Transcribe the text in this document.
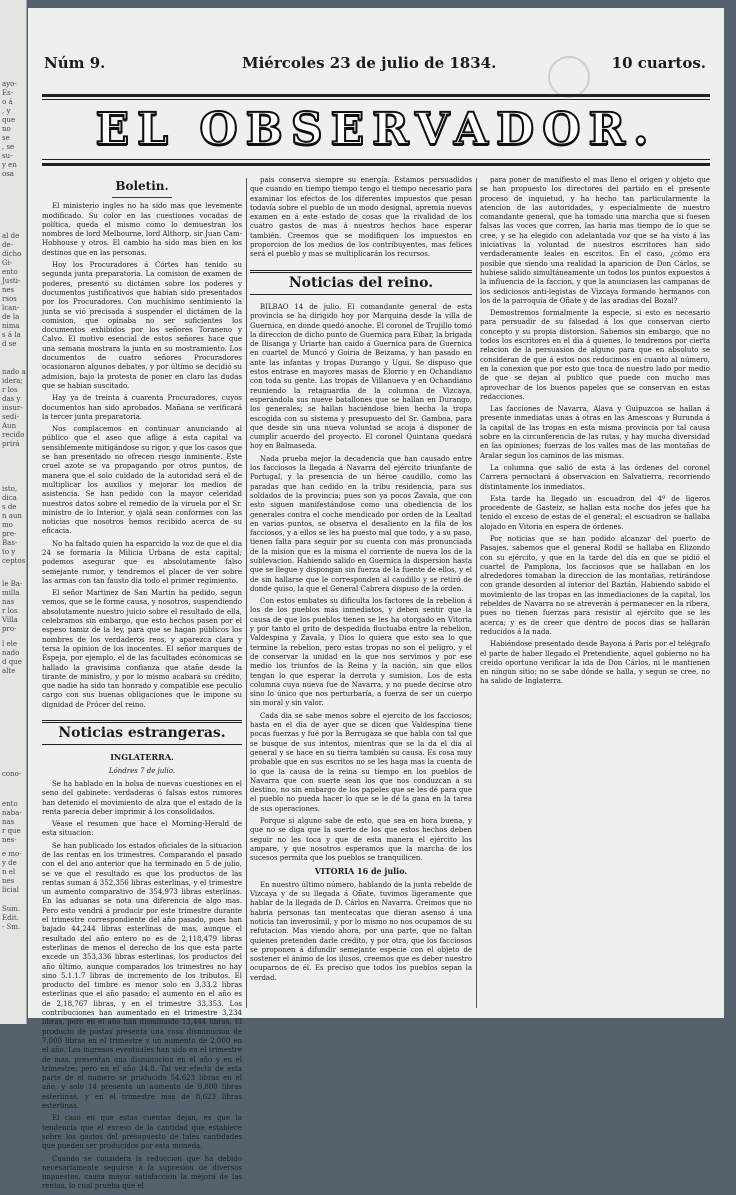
ayo-
Es-
o á
, y
que
no
se
, se
su-
y en
osa
al de
de-
dicho
Gi-
ento
Justi-
nes
rsos
lcan-
de la
nima
s á la
d se
nado a
idera;
r los
das y
insur-
sedi-
Aun
recido
prirá
isto,
dica
s de
n aun
mo
pre-
Bas-
to y
ceptos
le Ba-
milla
nas
r los
Villa
pro-
l ele
nado
d que
alte
cono-
ento
naba-
nas
r que
nes-
e mo-
y de
n el
nes
licial
Sum.
Edit.
- Sm.
Núm 9.	Miércoles 23 de julio de 1834.	10 cuartos.
EL OBSERVADOR.
Boletin.

El ministerio ingles no ha sido mas que levemente modificado. Su color en las cuestiones vocadas de política, queda el mismo como lo demuestran los nombres de lord Melbourne, lord Althorp, sir Juan Cam-Hobhouse y otros. El cambio ha sido mas bien en los destinos que en las personas.

Hoy los Procuradores á Córtes han tenido su segunda junta preparatoria. La comision de examen de poderes, presentó su dictámen sobre los poderes y documentos justificativos que habian sido presentados por los Procuradores. Con muchísimo sentimiento la junta se vió precisada á suspender el dictámen de la comision, que opinaba no ser suficientes los documentos exhibidos por los señores Toraneno y Calvo. El motivo esencial de estos señores hace que una semana mostrara la junta en su mostramiento. Los documentos de cuatro señores Procuradores ocasionaron algunos debates, y por último se decidió su admision, bajo la protesta de poner en claro las dudas que se habian suscitado.

Hay ya de treinta á cuarenta Procuradores, cuyos documentos han sido aprobados. Mañana se verificará la tercer junta preparatoria.

Nos complacemos en continuar anunciando al público que el aseo que aflige á esta capital va sensiblemente mitigándose su rigor, y que los casos que se han presentado no ofrecen riesgo inminente. Este cruel azote se va propagando por otros puntos, de manera que el solo cuidado de la autoridad será el de multiplicar los auxilios y mejorar los medios de asistencia. Se han pedido con la mayor celeridad nuestros datos sobre el remedio de la viruela por el Sr. ministro de lo Interior, y ojalá sean conformes con las noticias que nosotros hemos recibido acerca de su eficacia.

No ha faltado quien ha esparcido la voz de que el dia 24 se formaria la Milicia Urbana de esta capital; podemos asegurar que es absolutamente falso semejante rumor, y tendremos el placer de ver sobre las armas con tan fausto dia todo el primer regimiento.

El señor Martinez de San Martin ha pedido, segun vemos, que se le forme causa, y nosotros, suspendiendo absolutamente nuestro juicio sobre el resultado de ella, celebramos sin embargo, que esto hechos pasen por el espeso tamiz de la ley, para que se hagan públicos los nombres de los verdaderos reos, y aparezca clara y tersa la opinion de los inocentes. El señor marques de Espeja, por ejemplo, el de las facultades ecónomicas se hallado la gravisima confianza que atañe desde la tirante de ministro, y por lo mismo acabará su crédito, que nadie ha sido tan honrado y compatible ese peculio cargo con sus buenas obligaciones que le impone su dignidad de Prócer del reino.

Noticias estrangeras.
INGLATERRA.
Lóndres 7 de julio.

Se ha hablado en la bolsa de nuevas cuestiones en el seno del gabinete: verdaderas ó falsas estos rumores han detenido el movimiento de alza que el estado de la renta parecia deber imprimir á los consolidados.

Véase el resumen que hace el Morning-Herald de esta situacion:

Se han publicado los estados oficiales de la situacion de las rentas en los trimestres. Comparando el pasado con el del ano anterior que ha terminado en 5 de julio, se ve que el resultado es que los productos de las rentas suman á 352,356 libras esterlinas, y el trimestre un aumento comparativo de 354,973 libras esterlinas. En las aduanas se nota una diferencia de algo mas. Pero esto vendrá á producir por este trimestre durante el trimestre correspondiente del año pasado, pues han bajado 44,244 libras esterlinas de mas, aunque el resultado del año entero no es de 2,118,479 libras esterlinas de menos el derecho de los que esta parte excede un 353,336 libras esterlinas, los productos del año último, aunque comparados los trimestres no hay sino 5.1.1.7 libras de incremento de los tributos. El producto del timbre es menor solo en 3.33.2 libras esterlinas que el año pasado; el aumento en el año es de 2,18,767 libras, y en el trimestre 33,353. Los contribuciones han aumentado en el trimestre 3,234 libras, pero en el año han disminuido 13,444 libras. El producto de postas presenta una cosa disminucion de 7,000 libras en el trimestre y un aumento de 2,000 en el año. Los ingresos eventuales han sido en el trimestre de mas, presentan una disminucion en el año y en el trimestre; pero en el año 34,8. Tal vez efecto de esta parte de el numero se producido 54.623 libras en el año, y solo 14 presenta un aumento de 9,800 libras esterlinas, y en el trimestre mas de 8,623 libras esterlinas.

El caso en que estas cuentas dejan, es que la tendencia que el exceso de la cantidad que establece sobre los gastos del presupuesto de tales cantidades que pueden ser producidos por esta moneda.

Cuando se considera la reduccion que ha debido necesariamente seguirse á la supresion de diversos impuestos, causa mayor satisfaccion la mejora de las rentas, lo cual prueba que el

pais conserva siempre su energía. Estamos persuadidos que cuando en tiempo tiempo tengo el tiempo necesario para examinar los efectos de los diferentes impuestos que pesan todavía sobre el pueblo de un modo designal, apremia nuevos examen en á este estado de cosas que la rivalidad de los cuatro gastos de mas á nuestros hechos hace esperar también. Creemos que se modifiquen los impuestos en proporcion de los medios de los contribuyentes, mas felices será el pueblo y mas se multiplicarán los recursos.

Noticias del reino.

BILBAO 14 de julio. El comandante general de esta provincia se ha dirigido hoy por Marquina desde la villa de Guernica, en donde quedó anoche. El coronel de Trujillo tomó la direccion de dicho punto de Guernica para Eibar, la brigada de Ilisanga y Uriarte han caido á Guernica para de Guernica en cuartel de Muncó y Goiria de Beizama, y han pasado en ante las infantas y tropas Durango y Ugui. Se dispuso que estos entrase en mayores masas de Elorrio y en Ochandiano con toda su gente. Las tropas de Villanueva y en Ochandiano reuniendo la retaguardia de la columna de Vizcaya, esperándola sus nueve batallones que se hallan en Durango, los generales; se hallan haciéndose bien hecha la tropa escogida con su sistema y presupuesto del Sr. Gamboa, para que desde sin una nueva voluntad se acoja á disponer de cumplir acuerdo del proyecto. El coronel Quintana quedará hoy en Balmaseda.

Nada prueba mejor la decadencia que han causado entre los facciosos la llegada á Navarra del ejército triunfante de Portugal, y la presencia de un héroe caudillo, como las paradas que han cedido en la tribu residencia, para sus soldados de la provincia; pues son ya pocos Zavala, que con esto siguen manifestándose como una obediencia de los generales contra el coche mendicado por orden de la Lealtad en varios puntos, se observa el desaliento en la fila de los facciosos, y a ellos se les ha puesto mal que todo, y a su paso, tienen falta para seguir por su cuenta con más pronunciada de la mision que es la misma el corriente de nueva los de la sublevacion. Habiendo salido en Guernica la dispersion hasta que se llegue y dispongan sin fuerza de la fuente de ellos, y el de sin hallarse que le corresponden al caudillo y se retiró de donde quiso, la que el General Cabrera dispuso de la orden.

Con estos embates su dificulta los factores de la rebelion á los de los pueblos más inmediatos, y deben sentir que la causa de que los pueblos tienen se les ha otorgado en Vitoria y por tanto el grito de despedida fluctuaba entre la rebelion, Valdespina y Zavala, y Dios lo quiera que esto sea lo que termine la rebelion, pero estas tropas no son el peligro, y el de conservar la unidad en la que nos servimos y por ese medio los triunfos de la Reina y la nación, sin que ellos tengan lo que esperar la derrota y sumision. Los de esta columna cuya nueva fue de Navarra, y no puede decirse otro sino lo único que nos perturbaría, a fuerza de ser un cuerpo sin moral y sin valor.

Cada dia se sabe menos sobre el ejercito de los facciosos; hasta en el dia de ayer que se dicen que Valdespina tiene pocas fuerzas y fué por la Berrugaza se que habla con tal que se busque de sus intentos, mientras que se la da el dia al general y se hace en su tierra también su causa. Es cosa muy probable que en sus escritos no se les haga mas la cuenta de lo que la causa de la reina su tiempo en los pueblos de Navarra que con suerte sean los que nos conduzcan a su destino, no sin embargo de los papeles que se les dé para que el pueblo no pueda hacer lo que se le dé la gana en la tarea de sus operaciones.

Porque si alguno sabe de esto, que sea en hora buena, y que no se diga que la suerte de los que estos hechos deben seguir no les toca y que de esta manera el ejército los ampare, y que nosotros esperamos que la marcha de los sucesos permita que los pueblos se tranquilicen.

VITORIA 16 de julio.

En nuestro último número, hablando de la junta rebelde de Vizcaya y de su llegada á Oñate, tuvimos ligeramente que hablar de la llegada de D. Cárlos en Navarra. Creimos que no habria personas tan mentecatas que dieran asenso á una noticia tan inverosímil, y por lo mismo no nos ocupamos de su refutacion. Mas viendo ahora, por una parte, que no faltan quienes pretenden darle crédito, y por otra, que los facciosos se proponen á difundir semejante especie con el objeto de sostener el ánimo de los ilusos, creemos que es deber nuestro ocuparnos de él. Es preciso que todos los pueblos sepan la verdad.

para poner de manifiesto el mas lleno el origen y objeto que se han propuesto los directores del partido en el presente proceso de inquietud, y ha hecho tan particularmente la atencion de las autoridades, y especialmente de nuestro comandante general, que ha tomado una marcha que si fuesen falsas las voces que corren, las haria mas tiempo de lo que se cree, y se ha elegido con adelantada voz que se ha visto á las iniciativas la voluntad de nuestros escritores han sido verdaderamente leales en escritos. En el caso, ¿cómo era posible que siendo una realidad la aparicion de Don Cárlos, se hubiese salido simultáneamente un todos los puntos expuestos á la influencia de la faccion, y que la anunciasen las campanas de los sediciosos anti-legistas de Vizcaya formando hermanos con los de la parroquia de Oñate y de las aradias del Bozal?

Demostremos formalmente la especie, si esto es necesario para persuadir de su falsedad á los que conservan cierto concepto y su propia distorsion. Sabemos sin embargo, que no todos los escritores en el dia á quienes, lo tendremos por cierta relacion de la persuasion de alguno para que en absoluto se consideran de que á estos nos reducimos en cuanto al número, en la conexion que por esto que toca de nuestro lado por medio de que se dejan al publico que puede con mucho mas aprovechar de los buenos papeles que se conservan en estas redacciones.

Las facciones de Navarra, Alava y Guipuzcoa se hallan á presente inmediatas unas á otras en las Amescoas y Burunda á la capital de las tropas en esta misma provincia por tal causa sobre en la circunferencia de las rutas, y hay mucha diversidad en las opiniones; fuerzas de los valles mas de las montañas de Aralar segun los caminos de las mismas.

La columna que salió de esta á las órdenes del coronel Carrera pernoctará á observacion en Salvatierra, recorriendo distintamente los inmediatos.

Esta tarde ha llegado un escuadron del 4º de ligeros procedente de Gasteiz, se hallan esta noche dos jefes que ha tenido el exceso de estas de el general; el escuadron se hallaba alojado en Vitoria en espera de órdenes.

Por noticias que se han podido alcanzar del puerto de Pasajes, sabemos que el general Rodil se hallaba en Elizondo con su ejército, y que en la tarde del día en que se pidió el cuartel de Pamplona, los facciosos que se hallaban en los alrededores tomaban la direccion de las montañas, retirándose con grande desorden al interior del Baztán. Habiendo sabido el movimiento de las tropas en las inmediaciones de la capital, los rebeldes de Navarra no se atreverán á permanecer en la ribera, pues no tienen fuerzas para resistir al ejército que se les acerca; y es de creer que dentro de pocos dias se hallarán reducidos á la nada.

Habiéndose presentado desde Bayona á Paris por el telégrafo el parte de haber llegado el Pretendiente, aquel gobierno no ha creido oportuno verificar la ida de Don Cárlos, ni le mantienen en ningun sitio; no se sabe dónde se halla, y segun se cree, no ha salido de Inglaterra.
